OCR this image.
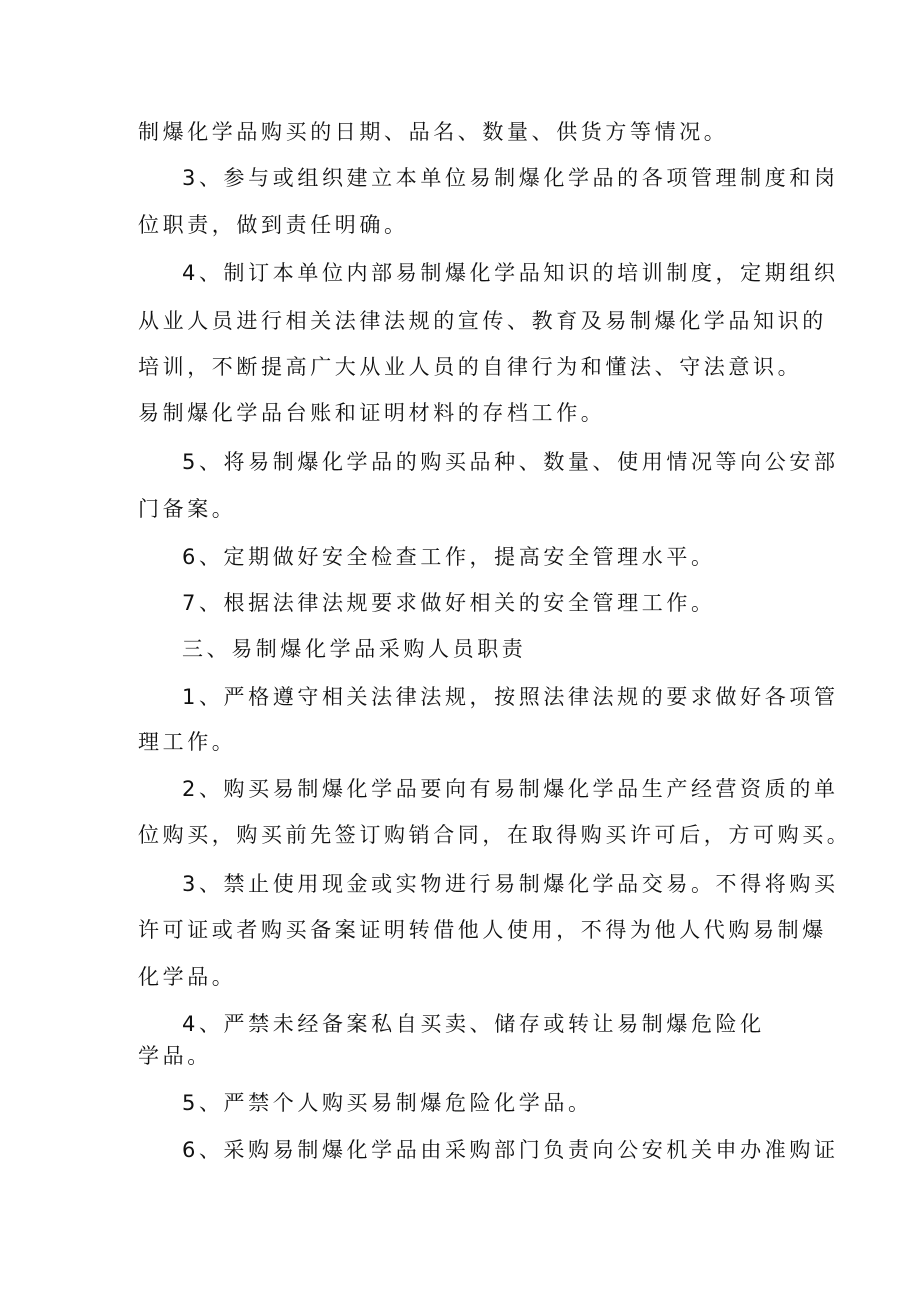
制爆化学品购买的日期、品名、数量、供货方等情况。
3、参与或组织建立本单位易制爆化学品的各项管理制度和岗
位职责，做到责任明确。
4、制订本单位内部易制爆化学品知识的培训制度，定期组织
从业人员进行相关法律法规的宣传、教育及易制爆化学品知识的
培训，不断提高广大从业人员的自律行为和懂法、守法意识。
易制爆化学品台账和证明材料的存档工作。
5、将易制爆化学品的购买品种、数量、使用情况等向公安部
门备案。
6、定期做好安全检查工作，提高安全管理水平。
7、根据法律法规要求做好相关的安全管理工作。
三、易制爆化学品采购人员职责
1、严格遵守相关法律法规，按照法律法规的要求做好各项管
理工作。
2、购买易制爆化学品要向有易制爆化学品生产经营资质的单
位购买，购买前先签订购销合同，在取得购买许可后，方可购买。
3、禁止使用现金或实物进行易制爆化学品交易。不得将购买
许可证或者购买备案证明转借他人使用，不得为他人代购易制爆
化学品。
4、严禁未经备案私自买卖、储存或转让易制爆危险化
学品。
5、严禁个人购买易制爆危险化学品。
6、采购易制爆化学品由采购部门负责向公安机关申办准购证
